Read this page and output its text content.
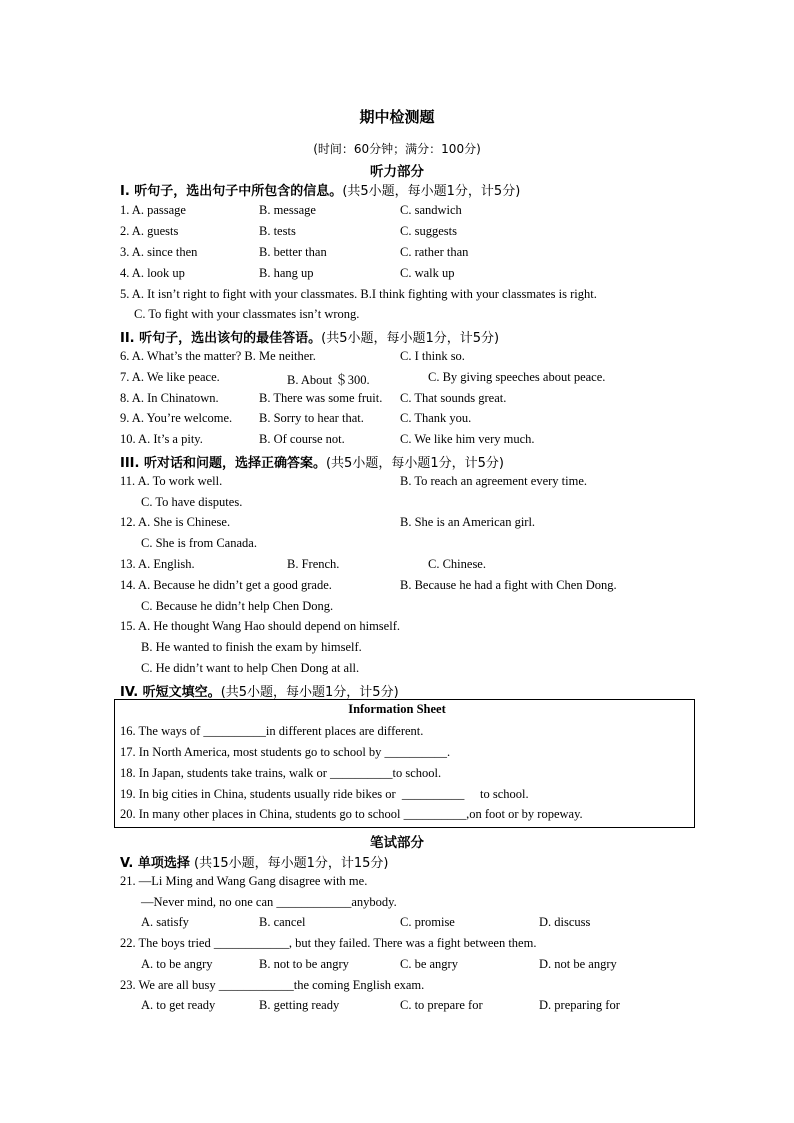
期中检测题
(时间：60分钟；满分：100分)
听力部分
I. 听句子，选出句子中所包含的信息。(共5小题，每小题1分，计5分)
1. A. passage	B. message	C. sandwich
2. A. guests	B. tests	C. suggests
3. A. since then	B. better than	C. rather than
4. A. look up	B. hang up	C. walk up
5. A. It isn’t right to fight with your classmates. B.I think fighting with your classmates is right.
C. To fight with your classmates isn’t wrong.
II. 听句子，选出该句的最佳答语。(共5小题，每小题1分，计5分)
6. A. What’s the matter? B. Me neither.	C. I think so.
7. A. We like peace.	B. About ＄300.	C. By giving speeches about peace.
8. A. In Chinatown.	B. There was some fruit. C. That sounds great.
9. A. You’re welcome. B. Sorry to hear that.	C. Thank you.
10. A. It’s a pity.	B. Of course not.	C. We like him very much.
III. 听对话和问题，选择正确答案。(共5小题，每小题1分，计5分)
11. A. To work well.	B. To reach an agreement every time.
C. To have disputes.
12. A. She is Chinese.	B. She is an American girl.
C. She is from Canada.
13. A. English.	B. French.	C. Chinese.
14. A. Because he didn’t get a good grade.	B. Because he had a fight with Chen Dong.
C. Because he didn’t help Chen Dong.
15. A. He thought Wang Hao should depend on himself.
B. He wanted to finish the exam by himself.
C. He didn’t want to help Chen Dong at all.
IV. 听短文填空。(共5小题，每小题1分，计5分)
Information Sheet
16. The ways of __________in different places are different.
17. In North America, most students go to school by __________.
18. In Japan, students take trains, walk or __________to school.
19. In big cities in China, students usually ride bikes or  __________     to school.
20. In many other places in China, students go to school __________,on foot or by ropeway.
笔试部分
V. 单项选择 (共15小题，每小题1分，计15分)
21. —Li Ming and Wang Gang disagree with me.
—Never mind, no one can ____________anybody.
A. satisfy	B. cancel	C. promise	D. discuss
22. The boys tried ____________, but they failed. There was a fight between them.
A. to be angry	B. not to be angry	C. be angry	D. not be angry
23. We are all busy ____________the coming English exam.
A. to get ready	B. getting ready	C. to prepare for	D. preparing for
